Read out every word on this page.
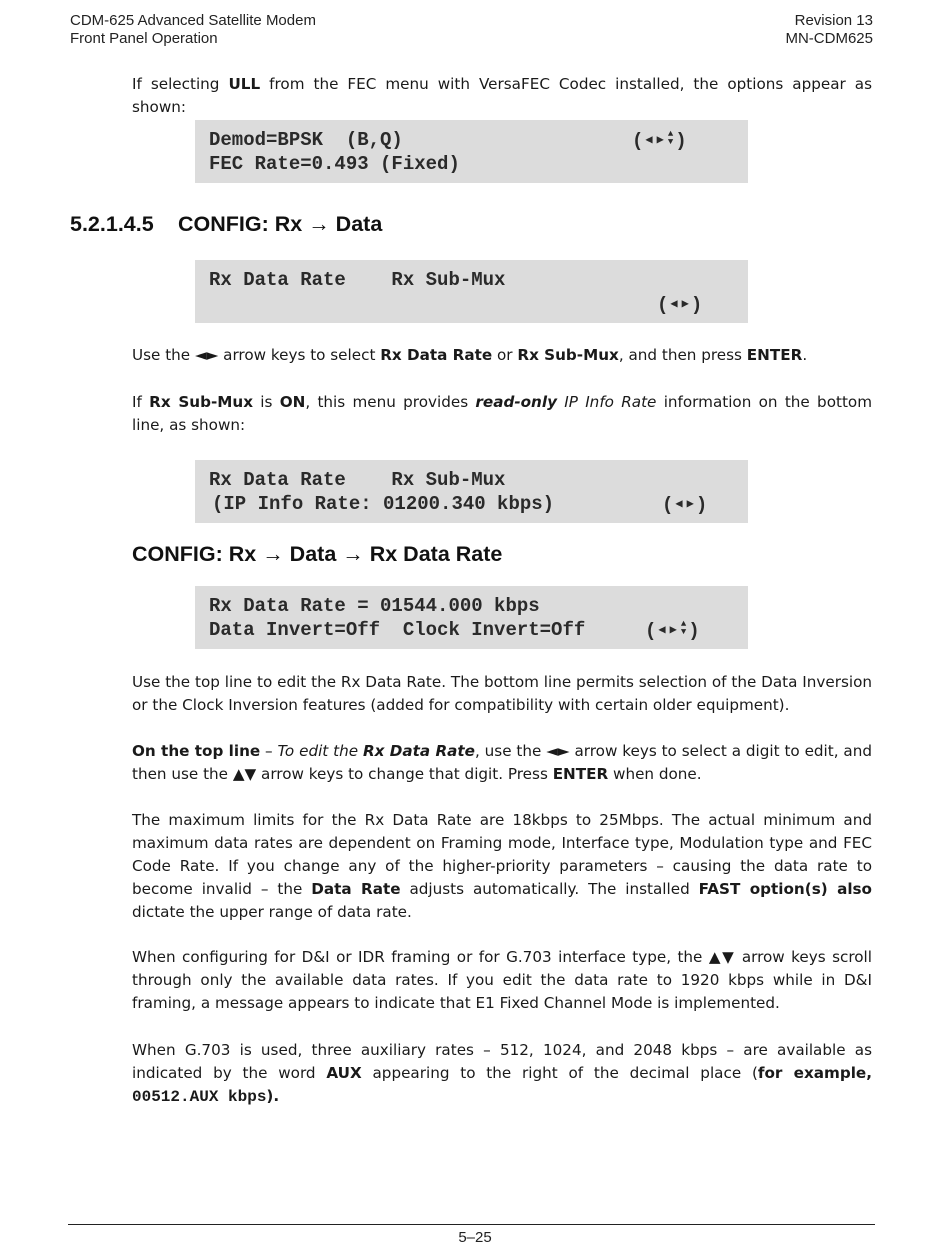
CDM-625 Advanced Satellite Modem
Front Panel Operation
Revision 13
MN-CDM625

If selecting ULL from the FEC menu with VersaFEC Codec installed, the options appear as shown:

Demod=BPSK  (B,Q)
FEC Rate=0.493 (Fixed)
( ◀ ▶ ▲
▼ )
5.2.1.4.5 CONFIG: Rx → Data
Rx Data Rate    Rx Sub-Mux
( ◀ ▶ )

Use the ◄► arrow keys to select Rx Data Rate or Rx Sub-Mux, and then press ENTER.

If Rx Sub-Mux is ON, this menu provides read-only IP Info Rate information on the bottom line, as shown:

Rx Data Rate    Rx Sub-Mux
(IP Info Rate: 01200.340 kbps)	( ◀ ▶ )
CONFIG: Rx → Data → Rx Data Rate
Rx Data Rate = 01544.000 kbps
Data Invert=Off  Clock Invert=Off	( ◀ ▶ ▲
▼ )

Use the top line to edit the Rx Data Rate. The bottom line permits selection of the Data Inversion or the Clock Inversion features (added for compatibility with certain older equipment).

On the top line – To edit the Rx Data Rate, use the ◄► arrow keys to select a digit to edit, and then use the ▲▼ arrow keys to change that digit. Press ENTER when done.

The maximum limits for the Rx Data Rate are 18kbps to 25Mbps. The actual minimum and maximum data rates are dependent on Framing mode, Interface type, Modulation type and FEC Code Rate. If you change any of the higher-priority parameters – causing the data rate to become invalid – the Data Rate adjusts automatically. The installed FAST option(s) also dictate the upper range of data rate.

When configuring for D&I or IDR framing or for G.703 interface type, the ▲▼ arrow keys scroll through only the available data rates. If you edit the data rate to 1920 kbps while in D&I framing, a message appears to indicate that E1 Fixed Channel Mode is implemented.

When G.703 is used, three auxiliary rates – 512, 1024, and 2048 kbps – are available as indicated by the word AUX appearing to the right of the decimal place (for example, 00512.AUX kbps).

5–25
